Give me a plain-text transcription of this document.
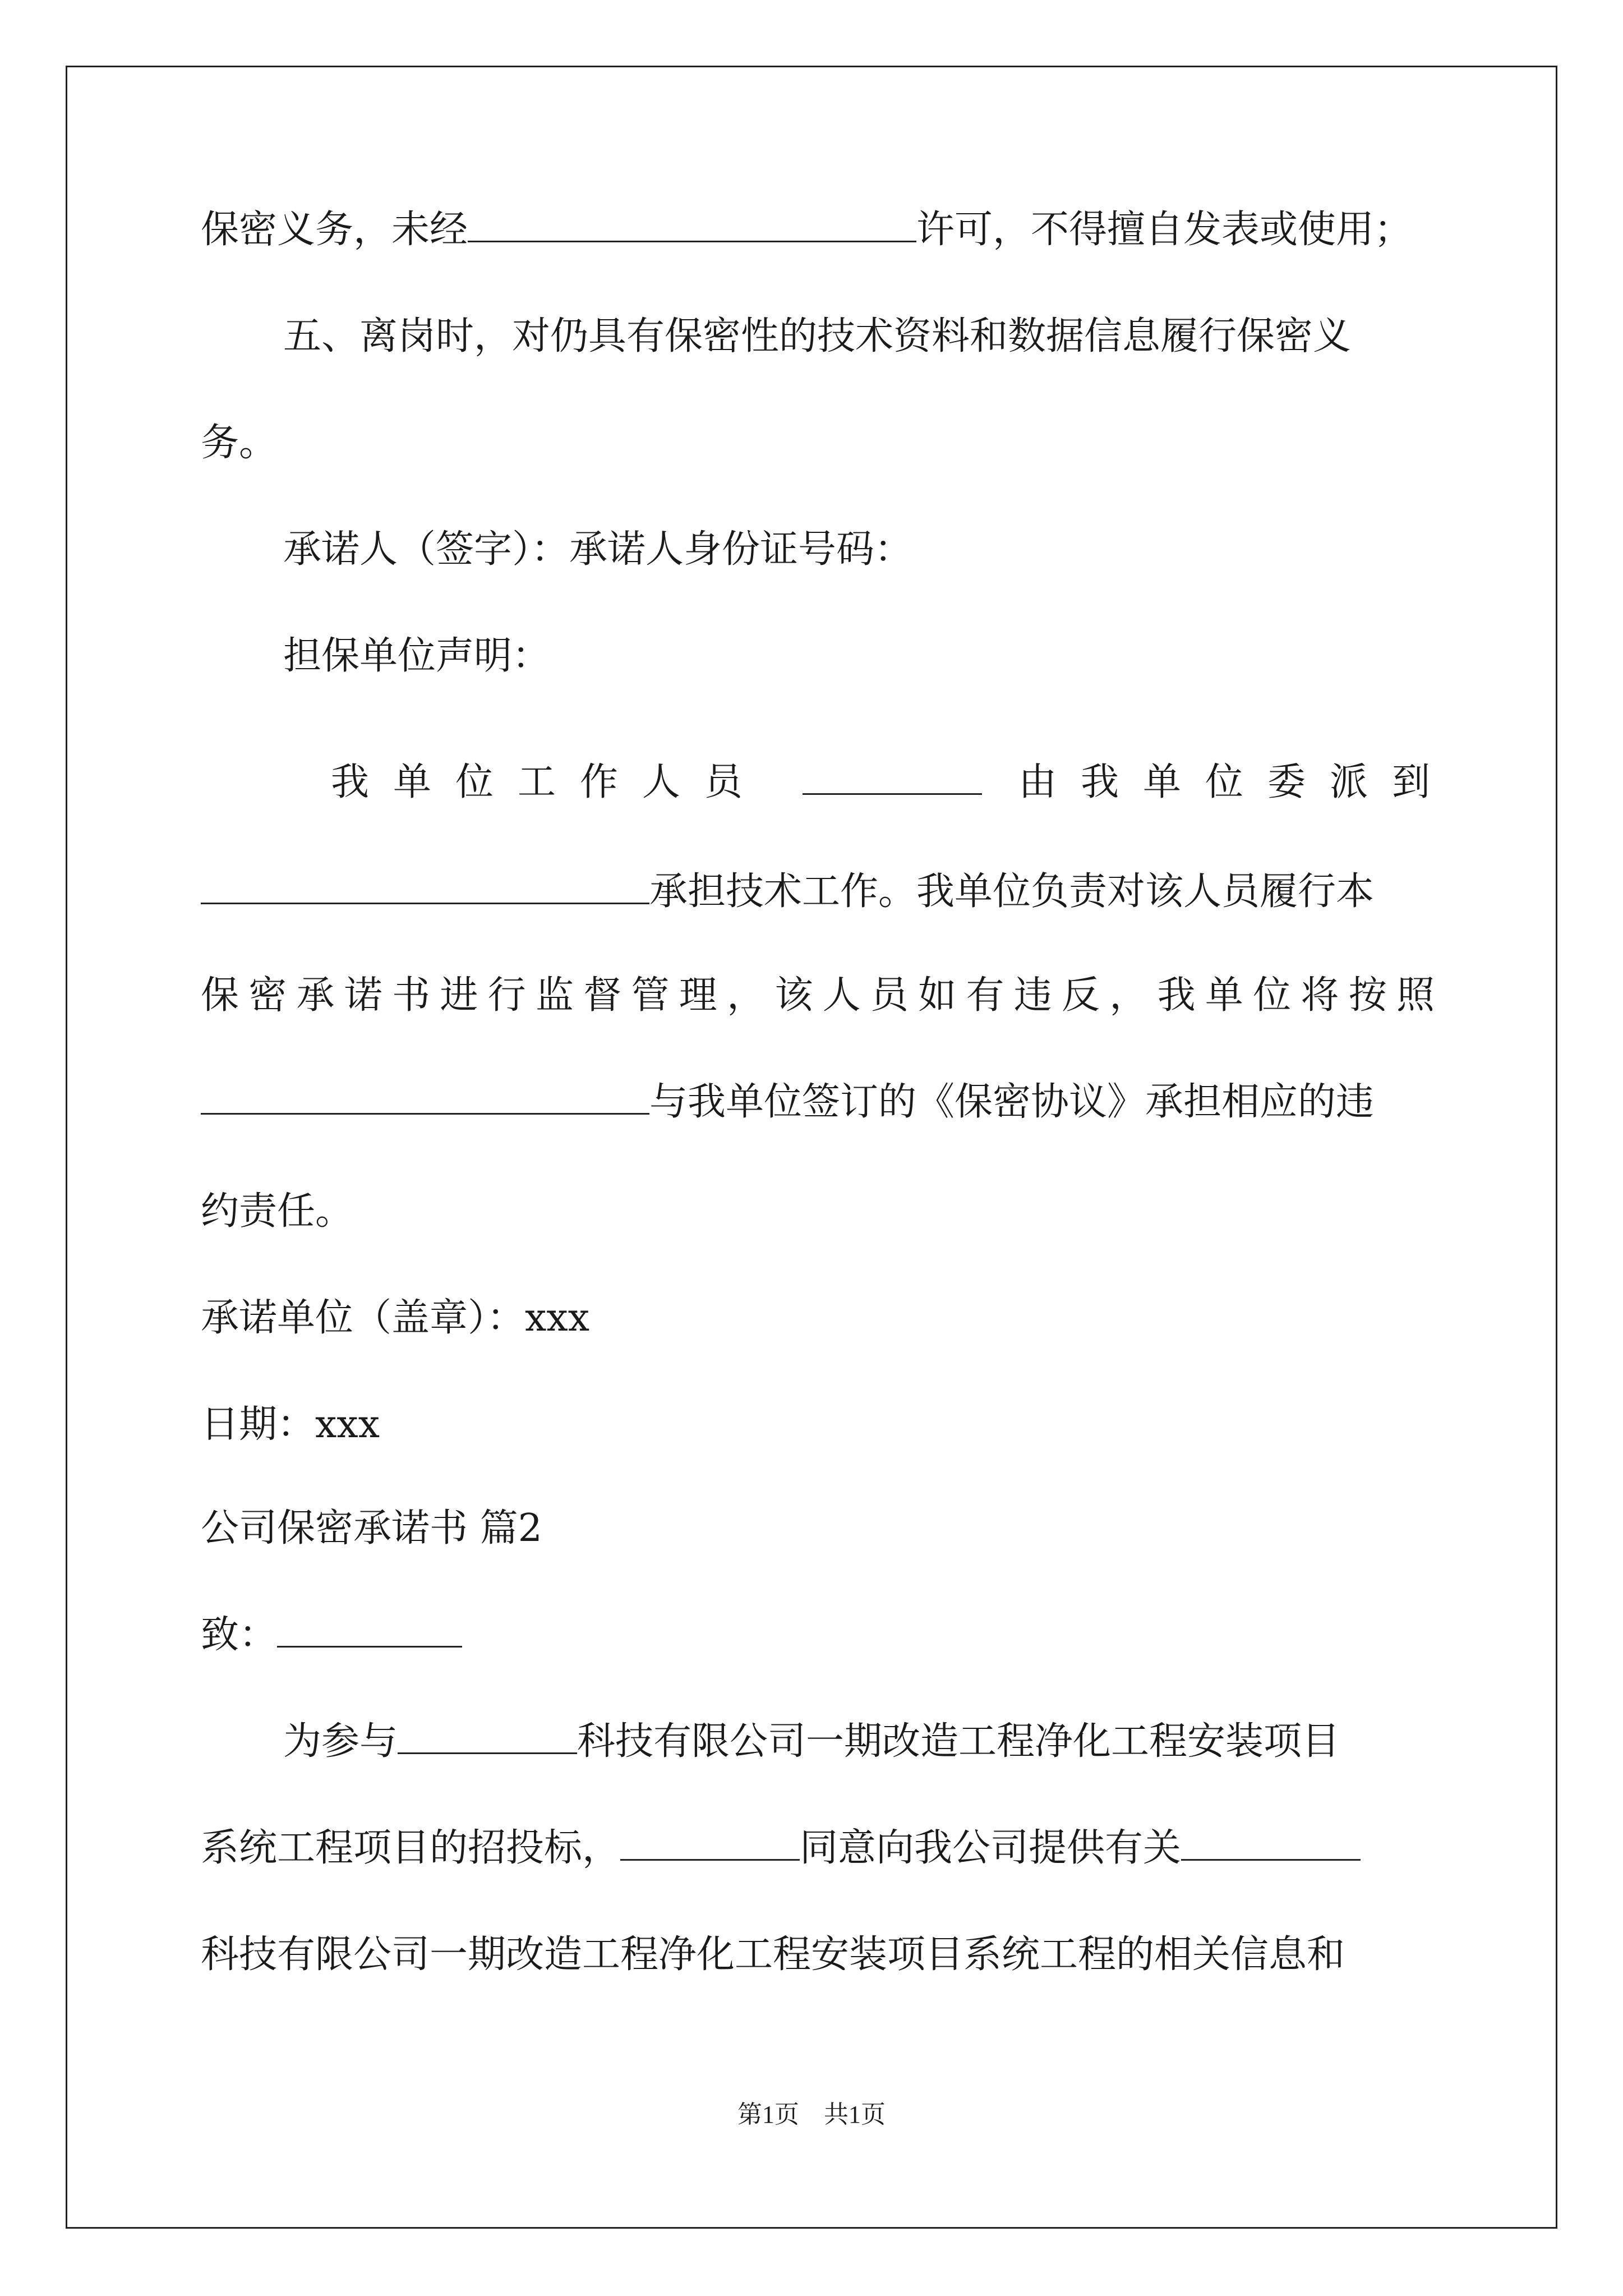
保密义务，未经	许可，不得擅自发表或使用；
五、离岗时，对仍具有保密性的技术资料和数据信息履行保密义
务。
承诺人（签字）：承诺人身份证号码：
担保单位声明：
我单位工作人员	由我单位委派到
承担技术工作。我单位负责对该人员履行本
保密承诺书进行监督管理，该人员如有违反，我单位将按照
与我单位签订的《保密协议》承担相应的违
约责任。
承诺单位（盖章）：xxx
日期：xxx
公司保密承诺书 篇2
致：
为参与	科技有限公司一期改造工程净化工程安装项目
系统工程项目的招投标，	同意向我公司提供有关
科技有限公司一期改造工程净化工程安装项目系统工程的相关信息和
第1页　共1页
